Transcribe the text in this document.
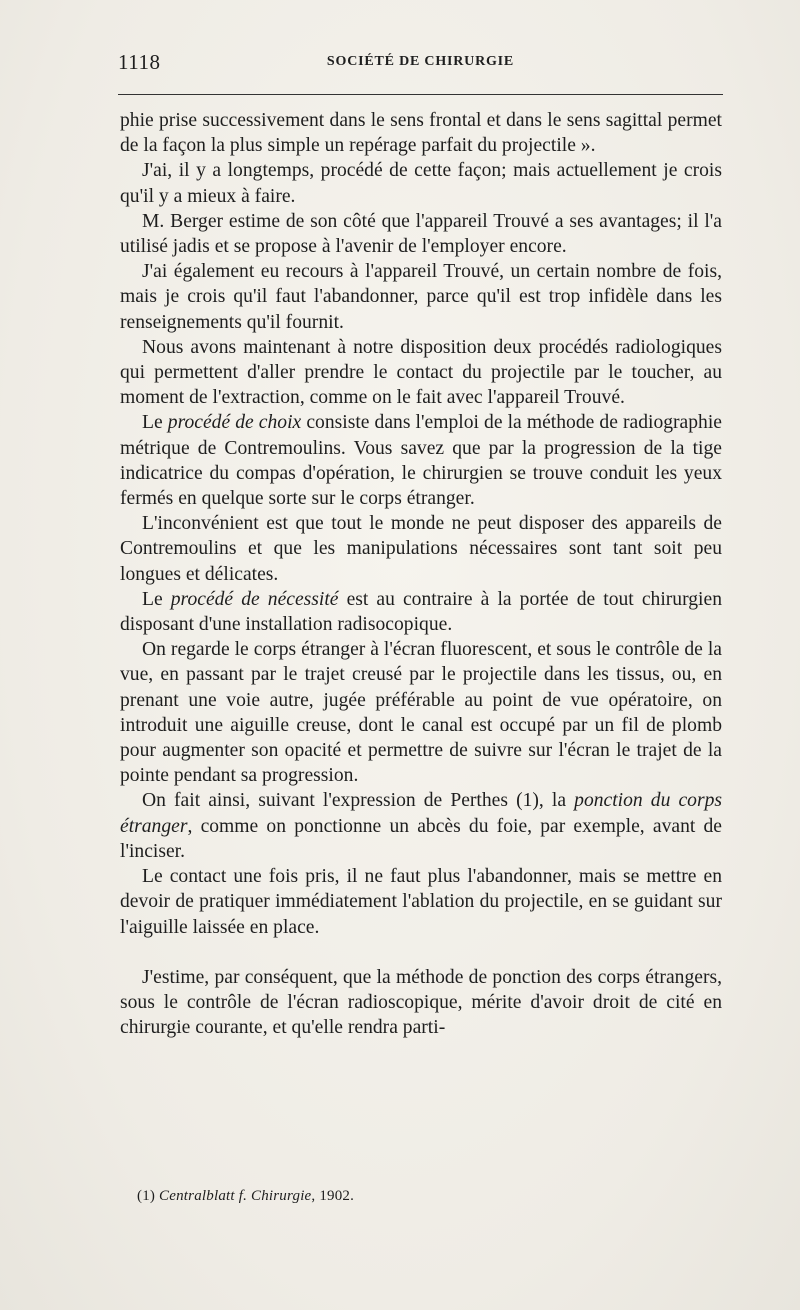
1118	SOCIÉTÉ DE CHIRURGIE

phie prise successivement dans le sens frontal et dans le sens sagittal permet de la façon la plus simple un repérage parfait du projectile ».

J'ai, il y a longtemps, procédé de cette façon; mais actuellement je crois qu'il y a mieux à faire.

M. Berger estime de son côté que l'appareil Trouvé a ses avantages; il l'a utilisé jadis et se propose à l'avenir de l'employer encore.

J'ai également eu recours à l'appareil Trouvé, un certain nombre de fois, mais je crois qu'il faut l'abandonner, parce qu'il est trop infidèle dans les renseignements qu'il fournit.

Nous avons maintenant à notre disposition deux procédés radiologiques qui permettent d'aller prendre le contact du projectile par le toucher, au moment de l'extraction, comme on le fait avec l'appareil Trouvé.

Le procédé de choix consiste dans l'emploi de la méthode de radiographie métrique de Contremoulins. Vous savez que par la progression de la tige indicatrice du compas d'opération, le chirurgien se trouve conduit les yeux fermés en quelque sorte sur le corps étranger.

L'inconvénient est que tout le monde ne peut disposer des appareils de Contremoulins et que les manipulations nécessaires sont tant soit peu longues et délicates.

Le procédé de nécessité est au contraire à la portée de tout chirurgien disposant d'une installation radisocopique.

On regarde le corps étranger à l'écran fluorescent, et sous le contrôle de la vue, en passant par le trajet creusé par le projectile dans les tissus, ou, en prenant une voie autre, jugée préférable au point de vue opératoire, on introduit une aiguille creuse, dont le canal est occupé par un fil de plomb pour augmenter son opacité et permettre de suivre sur l'écran le trajet de la pointe pendant sa progression.

On fait ainsi, suivant l'expression de Perthes (1), la ponction du corps étranger, comme on ponctionne un abcès du foie, par exemple, avant de l'inciser.

Le contact une fois pris, il ne faut plus l'abandonner, mais se mettre en devoir de pratiquer immédiatement l'ablation du projectile, en se guidant sur l'aiguille laissée en place.

J'estime, par conséquent, que la méthode de ponction des corps étrangers, sous le contrôle de l'écran radioscopique, mérite d'avoir droit de cité en chirurgie courante, et qu'elle rendra parti-

(1) Centralblatt f. Chirurgie, 1902.
